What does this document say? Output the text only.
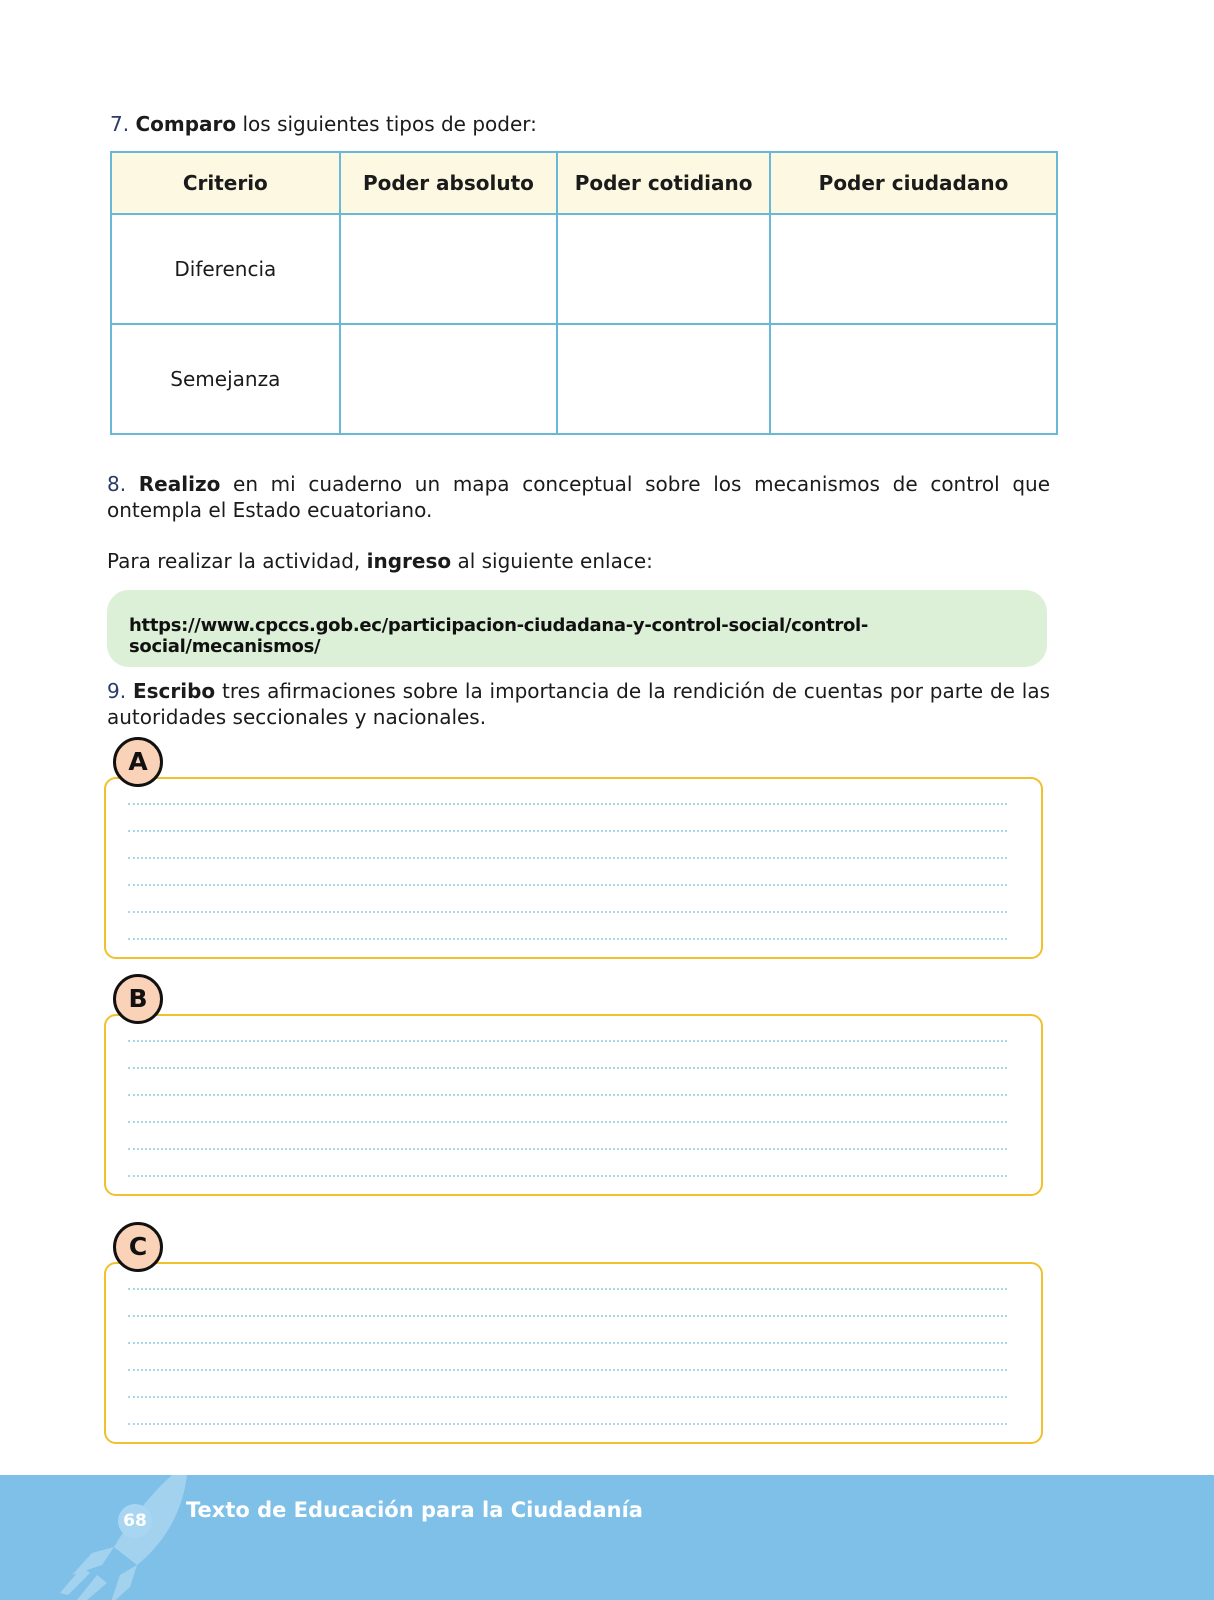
7. Comparo los siguientes tipos de poder:
Criterio	Poder absoluto	Poder cotidiano	Poder ciudadano
Diferencia			
Semejanza			
8. Realizo en mi cuaderno un mapa conceptual sobre los mecanismos de control que ontempla el Estado ecuatoriano.
Para realizar la actividad, ingreso al siguiente enlace:
https://www.cpccs.gob.ec/participacion-ciudadana-y-control-social/control-social/mecanismos/
9. Escribo tres afirmaciones sobre la importancia de la rendición de cuentas por parte de las autoridades seccionales y nacionales.
A
B
C
68 Texto de Educación para la Ciudadanía
